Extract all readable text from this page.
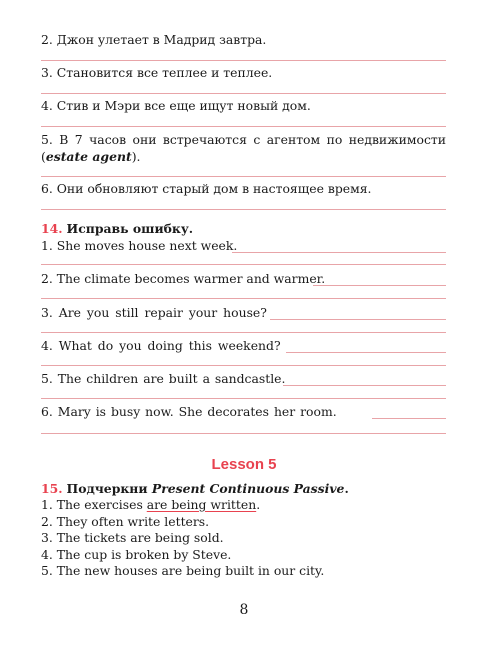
2. Джон улетает в Мадрид завтра.
3. Становится все теплее и теплее.
4. Стив и Мэри все еще ищут новый дом.
5. В 7 часов они встречаются с агентом по недвижимости (estate agent).
6. Они обновляют старый дом в настоящее время.
14. Исправь ошибку.
1. She moves house next week.
2. The climate becomes warmer and warmer.
3. Are you still repair your house?
4. What do you doing this weekend?
5. The children are built a sandcastle.
6. Mary is busy now. She decorates her room.
Lesson 5
15. Подчеркни Present Continuous Passive.
1. The exercises are being written.
2. They often write letters.
3. The tickets are being sold.
4. The cup is broken by Steve.
5. The new houses are being built in our city.
8
